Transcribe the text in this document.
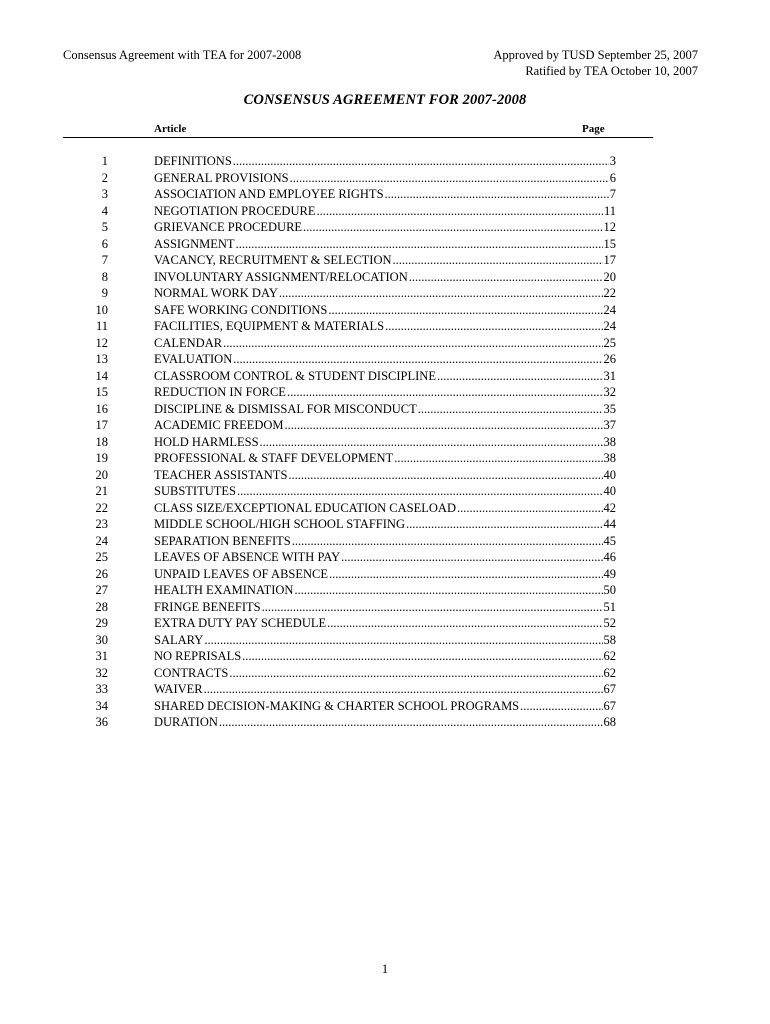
Consensus Agreement with TEA for 2007-2008	Approved by TUSD September 25, 2007
Ratified by TEA October 10, 2007
CONSENSUS AGREEMENT FOR 2007-2008
Article	Page
1	DEFINITIONS .....	3
2	GENERAL PROVISIONS .....	6
3	ASSOCIATION AND EMPLOYEE RIGHTS .....	7
4	NEGOTIATION PROCEDURE .....	11
5	GRIEVANCE PROCEDURE .....	12
6	ASSIGNMENT .....	15
7	VACANCY, RECRUITMENT & SELECTION .....	17
8	INVOLUNTARY ASSIGNMENT/RELOCATION .....	20
9	NORMAL WORK DAY .....	22
10	SAFE WORKING CONDITIONS .....	24
11	FACILITIES, EQUIPMENT & MATERIALS .....	24
12	CALENDAR .....	25
13	EVALUATION .....	26
14	CLASSROOM CONTROL & STUDENT DISCIPLINE .....	31
15	REDUCTION IN FORCE .....	32
16	DISCIPLINE & DISMISSAL FOR MISCONDUCT .....	35
17	ACADEMIC FREEDOM .....	37
18	HOLD HARMLESS .....	38
19	PROFESSIONAL & STAFF DEVELOPMENT .....	38
20	TEACHER ASSISTANTS .....	40
21	SUBSTITUTES .....	40
22	CLASS SIZE/EXCEPTIONAL EDUCATION CASELOAD .....	42
23	MIDDLE SCHOOL/HIGH SCHOOL STAFFING .....	44
24	SEPARATION BENEFITS .....	45
25	LEAVES OF ABSENCE WITH PAY .....	46
26	UNPAID LEAVES OF ABSENCE .....	49
27	HEALTH EXAMINATION .....	50
28	FRINGE BENEFITS .....	51
29	EXTRA DUTY PAY SCHEDULE .....	52
30	SALARY .....	58
31	NO REPRISALS .....	62
32	CONTRACTS .....	62
33	WAIVER .....	67
34	SHARED DECISION-MAKING & CHARTER SCHOOL PROGRAMS .....	67
36	DURATION .....	68
1
